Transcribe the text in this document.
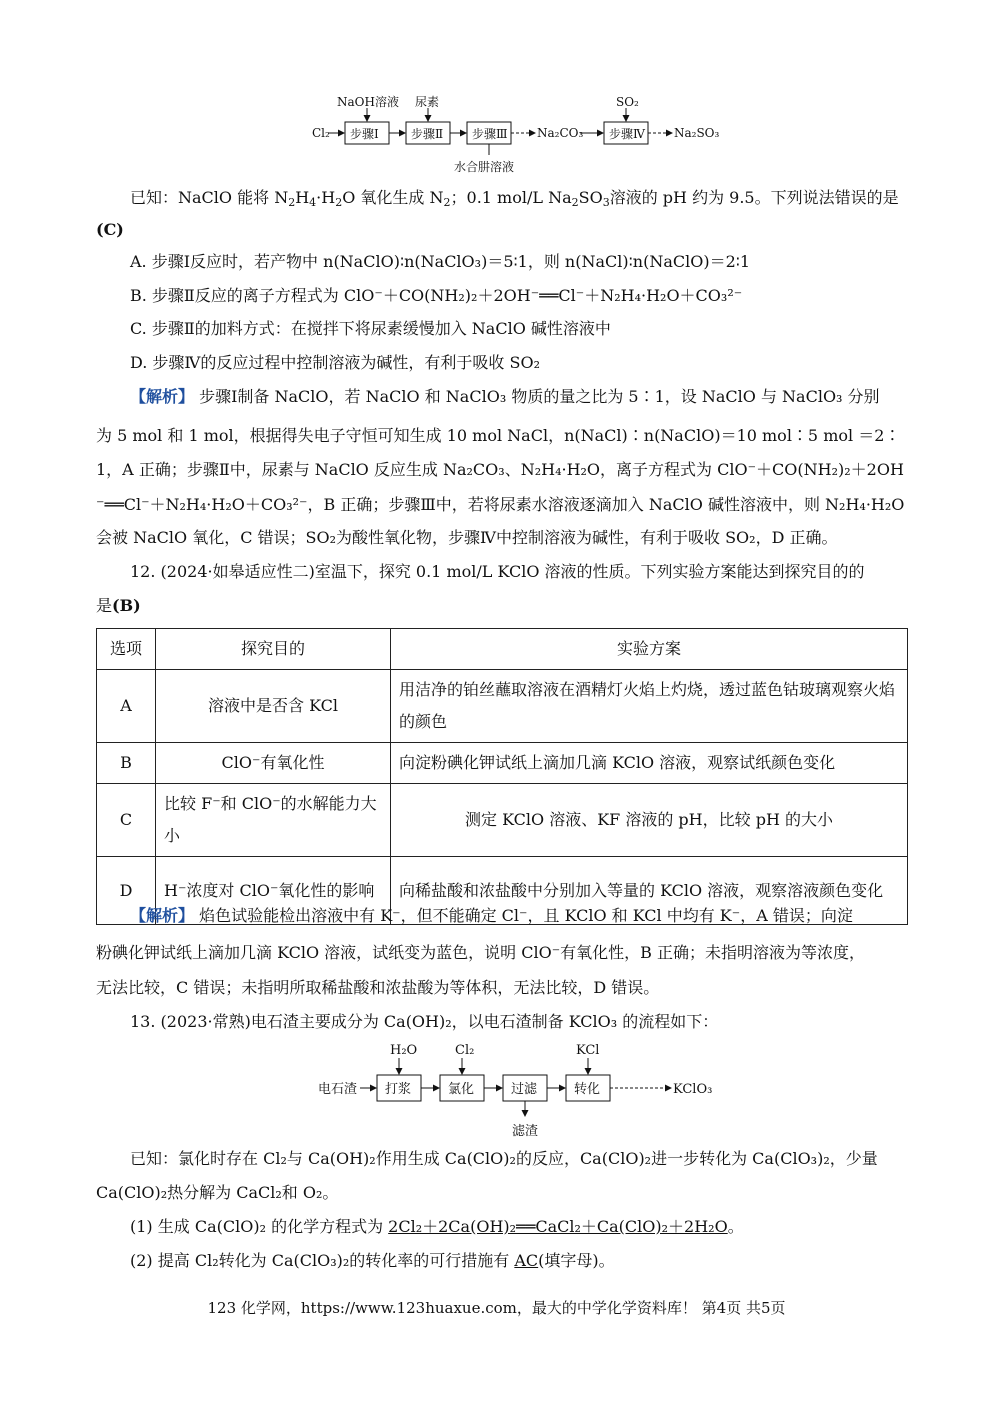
Cl₂ 步骤Ⅰ	步骤Ⅱ 步骤Ⅲ Na₂CO₃ 步骤Ⅳ Na₂SO₃
NaOH溶液 尿素	SO₂
水合肼溶液
已知：NaClO 能将 $N_2H_4\cdot H_2O$ 氧化生成 $N_2$；0.1 mol/L $Na_2SO_3$溶液的 pH 约为 9.5。下列说法错误的是
(C)
A. 步骤Ⅰ反应时，若产物中 n(NaClO)∶n(NaClO₃)＝5∶1，则 n(NaCl)∶n(NaClO)＝2∶1
B. 步骤Ⅱ反应的离子方程式为 ClO⁻＋CO(NH₂)₂＋2OH⁻══Cl⁻＋N₂H₄·H₂O＋CO₃²⁻
C. 步骤Ⅱ的加料方式：在搅拌下将尿素缓慢加入 NaClO 碱性溶液中
D. 步骤Ⅳ的反应过程中控制溶液为碱性，有利于吸收 SO₂
【解析】 步骤Ⅰ制备 NaClO，若 NaClO 和 NaClO₃ 物质的量之比为 5∶1，设 NaClO 与 NaClO₃ 分别
为 5 mol 和 1 mol，根据得失电子守恒可知生成 10 mol NaCl，n(NaCl)∶n(NaClO)＝10 mol∶5 mol ＝2∶
1，A 正确；步骤Ⅱ中，尿素与 NaClO 反应生成 Na₂CO₃、N₂H₄·H₂O，离子方程式为 ClO⁻＋CO(NH₂)₂＋2OH
⁻══Cl⁻＋N₂H₄·H₂O＋CO₃²⁻，B 正确；步骤Ⅲ中，若将尿素水溶液逐滴加入 NaClO 碱性溶液中，则 N₂H₄·H₂O
会被 NaClO 氧化，C 错误；SO₂为酸性氧化物，步骤Ⅳ中控制溶液为碱性，有利于吸收 SO₂，D 正确。
12. (2024·如皋适应性二)室温下，探究 0.1 mol/L KClO 溶液的性质。下列实验方案能达到探究目的的
是(B)
选项	探究目的	实验方案
A	溶液中是否含 KCl	用洁净的铂丝蘸取溶液在酒精灯火焰上灼烧，透过蓝色钴玻璃观察火焰的颜色
B	ClO⁻有氧化性	向淀粉碘化钾试纸上滴加几滴 KClO 溶液，观察试纸颜色变化
C	比较 F⁻和 ClO⁻的水解能力大小	测定 KClO 溶液、KF 溶液的 pH，比较 pH 的大小
D	H⁻浓度对 ClO⁻氧化性的影响	向稀盐酸和浓盐酸中分别加入等量的 KClO 溶液，观察溶液颜色变化
【解析】 焰色试验能检出溶液中有 K⁻，但不能确定 Cl⁻，且 KClO 和 KCl 中均有 K⁻，A 错误；向淀
粉碘化钾试纸上滴加几滴 KClO 溶液，试纸变为蓝色，说明 ClO⁻有氧化性，B 正确；未指明溶液为等浓度，
无法比较，C 错误；未指明所取稀盐酸和浓盐酸为等体积，无法比较，D 错误。
13. (2023·常熟)电石渣主要成分为 Ca(OH)₂，以电石渣制备 KClO₃ 的流程如下：
电石渣 打浆	氯化	过滤	转化	KClO₃
H₂O	Cl₂	KCl
滤渣
已知：氯化时存在 Cl₂与 Ca(OH)₂作用生成 Ca(ClO)₂的反应，Ca(ClO)₂进一步转化为 Ca(ClO₃)₂，少量
Ca(ClO)₂热分解为 CaCl₂和 O₂。
(1) 生成 Ca(ClO)₂ 的化学方程式为 2Cl₂＋2Ca(OH)₂══CaCl₂＋Ca(ClO)₂＋2H₂O。
(2) 提高 Cl₂转化为 Ca(ClO₃)₂的转化率的可行措施有 AC(填字母)。
123 化学网，https://www.123huaxue.com，最大的中学化学资料库！ 第4页 共5页
